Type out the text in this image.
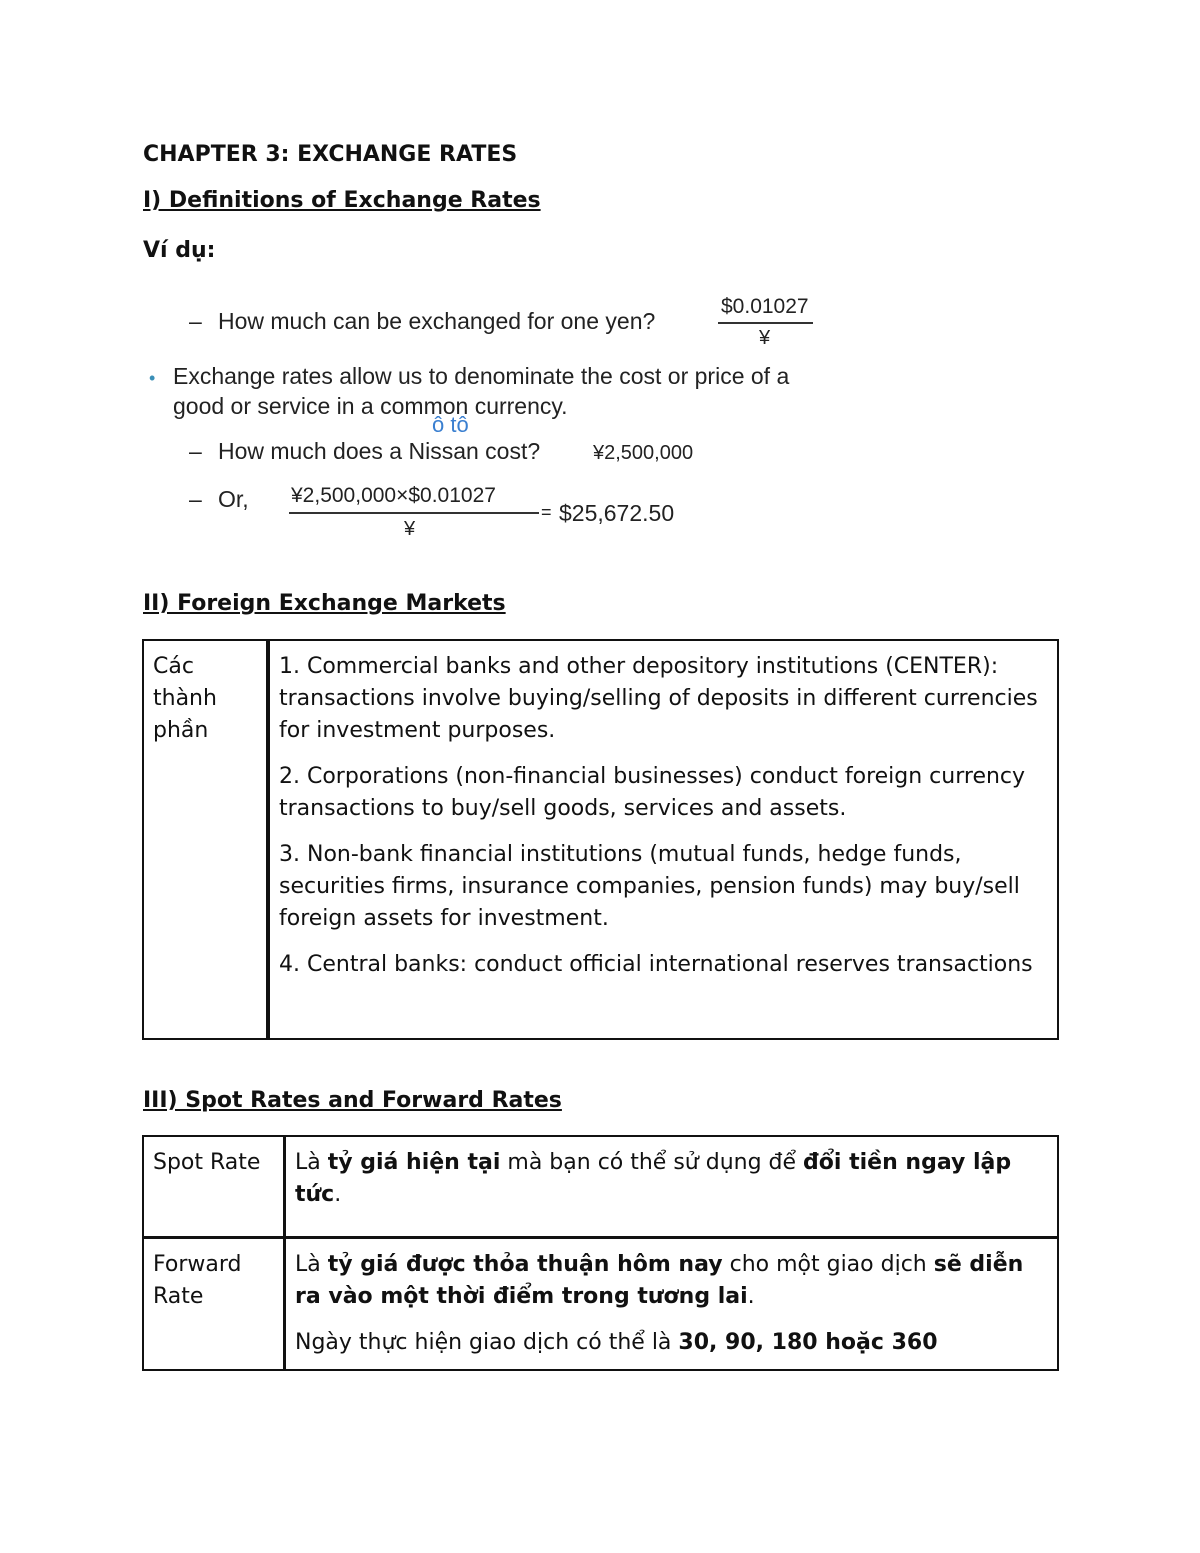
CHAPTER 3: EXCHANGE RATES
I) Definitions of Exchange Rates
Ví dụ:
– How much can be exchanged for one yen?
$0.01027
¥
• Exchange rates allow us to denominate the cost or price of a
good or service in a common currency.
ô tô
– How much does a Nissan cost?	¥2,500,000
– Or, ¥2,500,000×$0.01027
¥
= $25,672.50
II) Foreign Exchange Markets
Các thành phần	

1. Commercial banks and other depository institutions (CENTER): transactions involve buying/selling of deposits in different currencies for investment purposes.

2. Corporations (non-financial businesses) conduct foreign currency transactions to buy/sell goods, services and assets.

3. Non-bank financial institutions (mutual funds, hedge funds, securities firms, insurance companies, pension funds) may buy/sell foreign assets for investment.

4. Central banks: conduct official international reserves transactions

III) Spot Rates and Forward Rates
Spot Rate	Là tỷ giá hiện tại mà bạn có thể sử dụng để đổi tiền ngay lập tức.
Forward Rate	Là tỷ giá được thỏa thuận hôm nay cho một giao dịch sẽ diễn ra vào một thời điểm trong tương lai.

Ngày thực hiện giao dịch có thể là 30, 90, 180 hoặc 360
